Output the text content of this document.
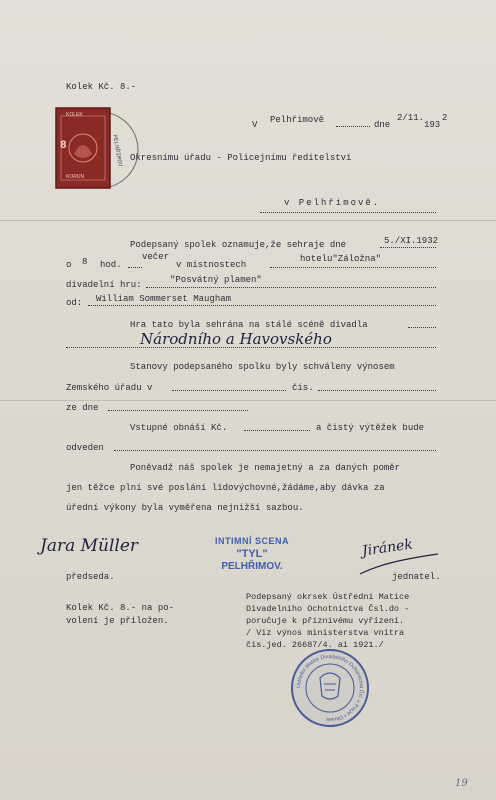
Kolek Kč. 8.-
KOLEK
8
KORUN
PELHŘIMOV
V Pelhřimově	dne
2/11.
193
2
Okresnímu úřadu - Policejnímu ředitelství
v Pelhřimově.
Podepsaný spolek oznamuje,že sehraje dne	5./XI.1932
o 8 hod.
večer
v místnostech
hotelu"Záložna"
divadelní hru:	"Posvátný plamen"
od: William Sommerset Maugham
Hra tato byla sehrána na stálé scéně divadla
Národního a Havovského
Stanovy podepsaného spolku byly schváleny výnosem
Zemského úřadu v	čís.
ze dne
Vstupné obnáší Kč.	a čistý výtěžek bude
odveden
Poněvadž náš spolek je nemajetný a za daných poměr
jen těžce plní své poslání lidovýchovné,žádáme,aby dávka za
úřední výkony byla vyměřena nejnižší sazbou.
Jara Müller
předseda.
INTIMNÍ SCENA
"TYL"
PELHŘIMOV.
Jiránek
jednatel.
Kolek Kč. 8.- na po-
volení je přiložen.
Podepsaný okrsek Ústřední Matice
Divadelního Ochotnictva Čsl.do -
poručuje k příznivému vyřízení.
/ Viz výnos ministerstva vnitra
čís.jed. 26687/4. ai 1921./
Ústřední Matice Divadelního Ochotnictva Čsl. v Praze • Okrsek
19
